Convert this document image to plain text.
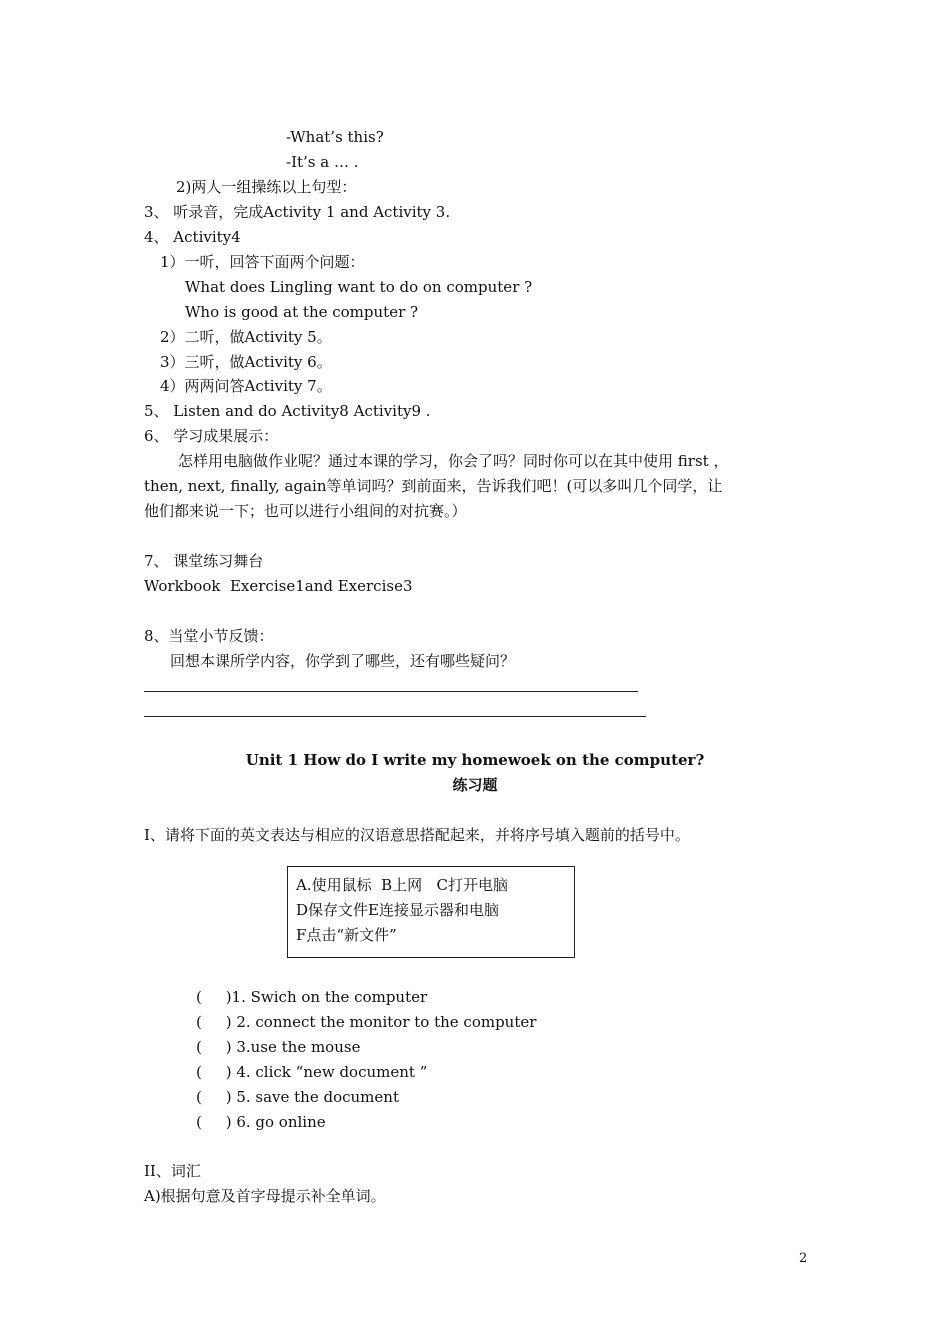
-What’s this?
-It’s a … .
2)两人一组操练以上句型：
3、 听录音，完成Activity 1 and Activity 3.
4、 Activity4
1）一听，回答下面两个问题：
What does Lingling want to do on computer ?
Who is good at the computer ?
2）二听，做Activity 5。
3）三听，做Activity 6。
4）两两问答Activity 7。
5、 Listen and do Activity8 Activity9 .
6、 学习成果展示：
怎样用电脑做作业呢？通过本课的学习，你会了吗？同时你可以在其中使用 first ，
then, next, finally, again等单词吗？到前面来，告诉我们吧！(可以多叫几个同学，让
他们都来说一下；也可以进行小组间的对抗赛。）
7、 课堂练习舞台
Workbook  Exercise1and Exercise3
8、当堂小节反馈：
回想本课所学内容，你学到了哪些，还有哪些疑问？
Unit 1 How do I write my homewoek on the computer?
练习题
I、请将下面的英文表达与相应的汉语意思搭配起来，并将序号填入题前的括号中。
A.使用鼠标  B上网   C打开电脑
D保存文件E连接显示器和电脑
F点击“新文件”
(     )1. Swich on the computer
(     ) 2. connect the monitor to the computer
(     ) 3.use the mouse
(     ) 4. click “new document ”
(     ) 5. save the document
(     ) 6. go online
II、词汇
A)根据句意及首字母提示补全单词。
2
